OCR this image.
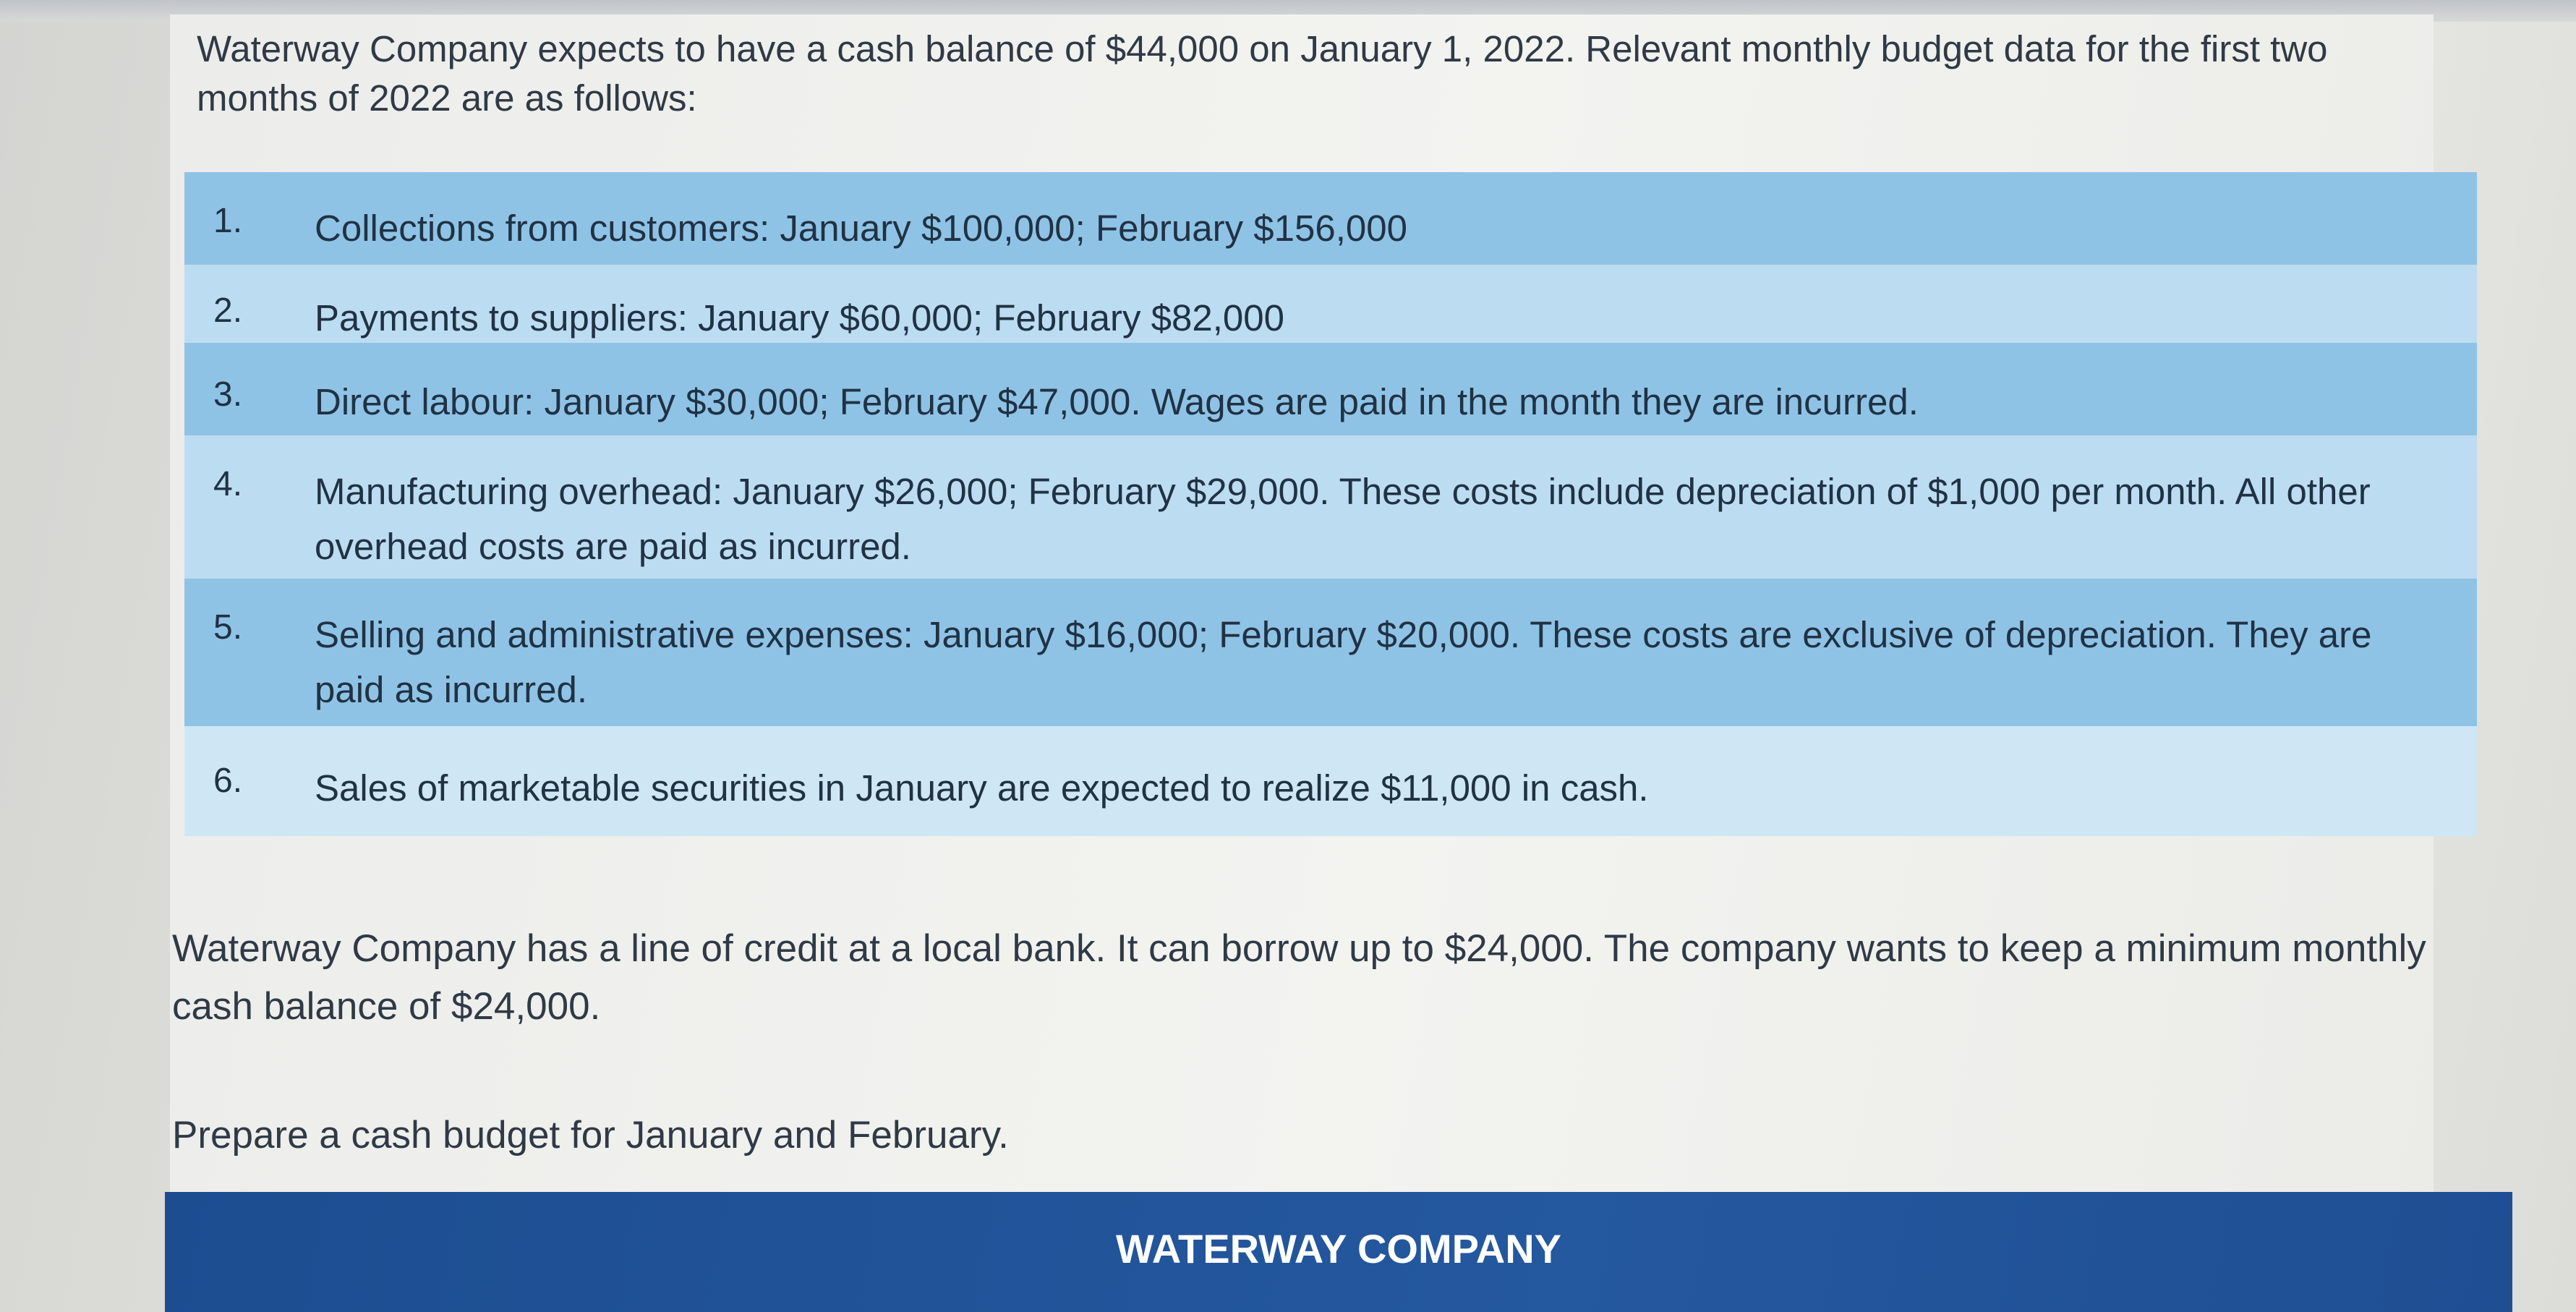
Waterway Company expects to have a cash balance of $44,000 on January 1, 2022. Relevant monthly budget data for the first two months of 2022 are as follows:
1.	Collections from customers: January $100,000; February $156,000
2.	Payments to suppliers: January $60,000; February $82,000
3.	Direct labour: January $30,000; February $47,000. Wages are paid in the month they are incurred.
4.	Manufacturing overhead: January $26,000; February $29,000. These costs include depreciation of $1,000 per month. All other overhead costs are paid as incurred.
5.	Selling and administrative expenses: January $16,000; February $20,000. These costs are exclusive of depreciation. They are paid as incurred.
6.	Sales of marketable securities in January are expected to realize $11,000 in cash.
Waterway Company has a line of credit at a local bank. It can borrow up to $24,000. The company wants to keep a minimum monthly cash balance of $24,000.
Prepare a cash budget for January and February.
WATERWAY COMPANY
